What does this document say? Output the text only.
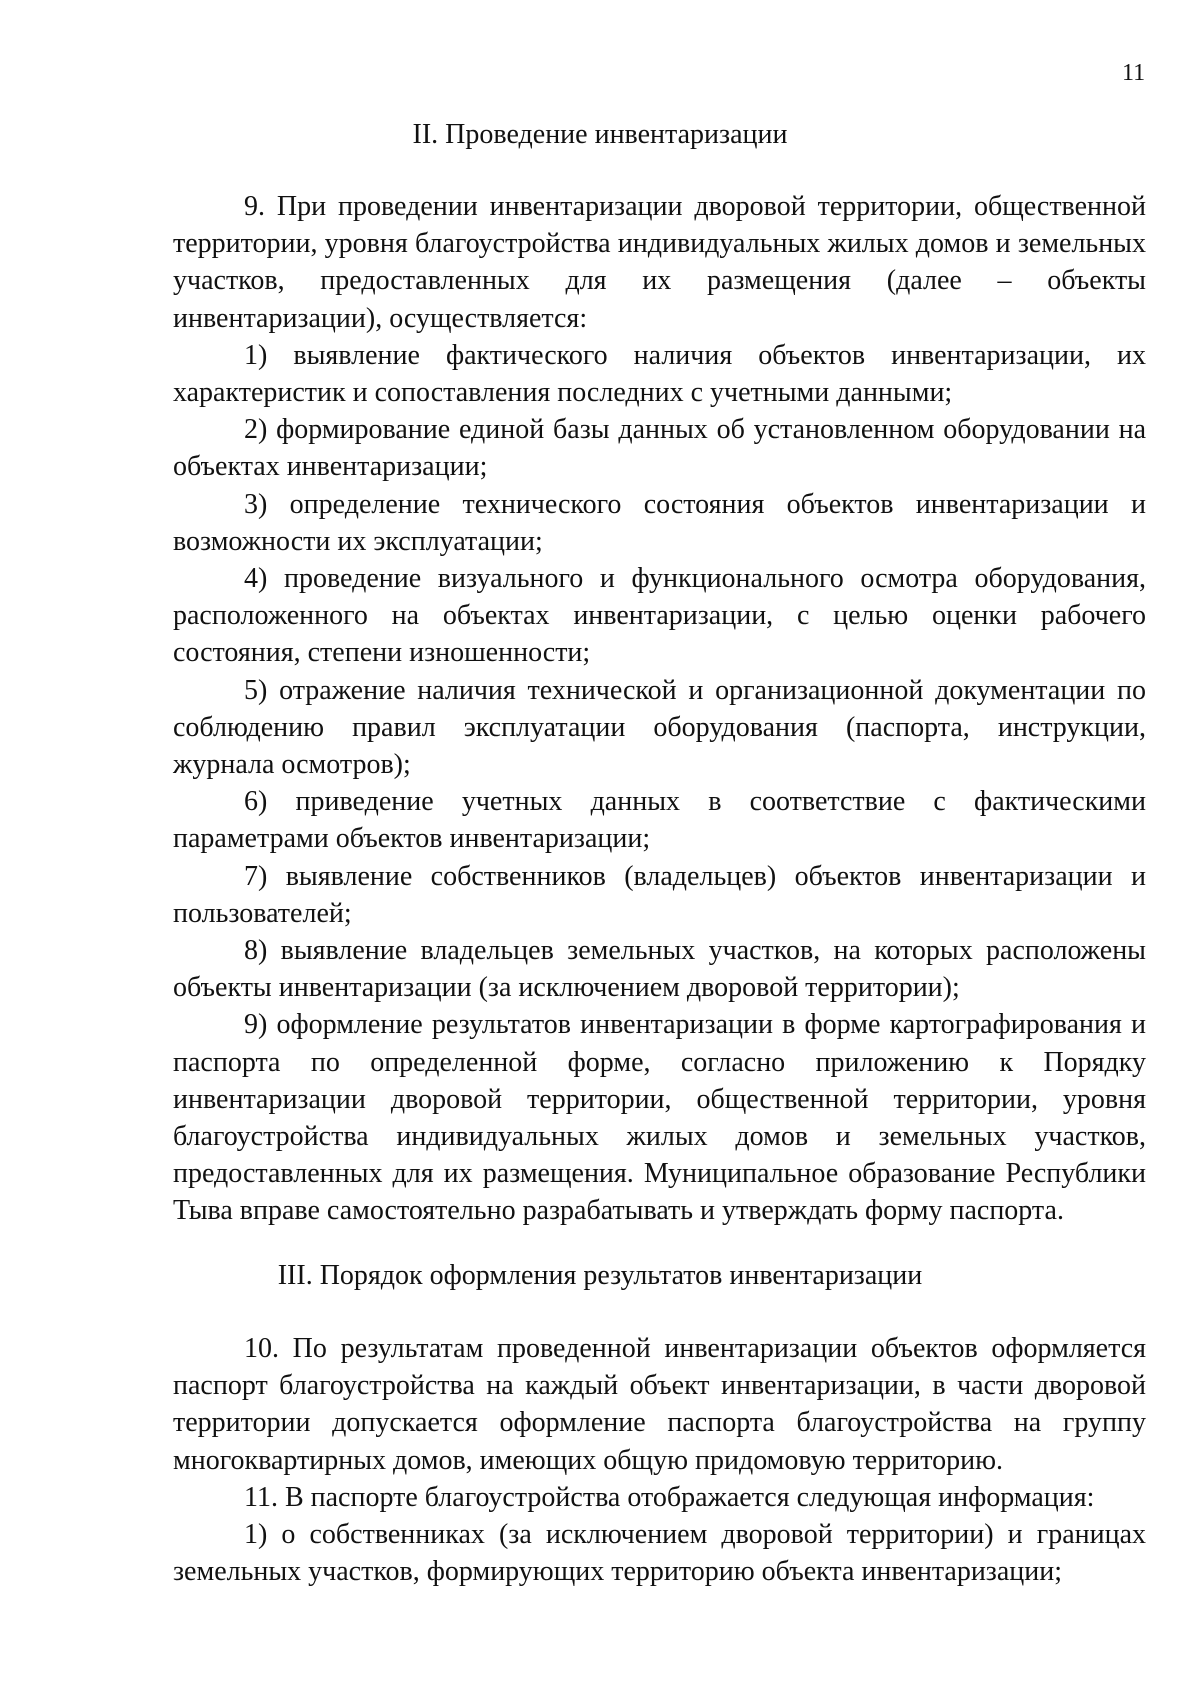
11
II. Проведение инвентаризации

9. При проведении инвентаризации дворовой территории, общественной территории, уровня благоустройства индивидуальных жилых домов и земельных участков, предоставленных для их размещения (далее – объекты инвентаризации), осуществляется:

1) выявление фактического наличия объектов инвентаризации, их характеристик и сопоставления последних с учетными данными;

2) формирование единой базы данных об установленном оборудовании на объектах инвентаризации;

3) определение технического состояния объектов инвентаризации и возможности их эксплуатации;

4) проведение визуального и функционального осмотра оборудования, расположенного на объектах инвентаризации, с целью оценки рабочего состояния, степени изношенности;

5) отражение наличия технической и организационной документации по соблюдению правил эксплуатации оборудования (паспорта, инструкции, журнала осмотров);

6) приведение учетных данных в соответствие с фактическими параметрами объектов инвентаризации;

7) выявление собственников (владельцев) объектов инвентаризации и пользователей;

8) выявление владельцев земельных участков, на которых расположены объекты инвентаризации (за исключением дворовой территории);

9) оформление результатов инвентаризации в форме картографирования и паспорта по определенной форме, согласно приложению к Порядку инвентаризации дворовой территории, общественной территории, уровня благоустройства индивидуальных жилых домов и земельных участков, предоставленных для их размещения. Муниципальное образование Республики Тыва вправе самостоятельно разрабатывать и утверждать форму паспорта.

III. Порядок оформления результатов инвентаризации

10. По результатам проведенной инвентаризации объектов оформляется паспорт благоустройства на каждый объект инвентаризации, в части дворовой территории допускается оформление паспорта благоустройства на группу многоквартирных домов, имеющих общую придомовую территорию.

11. В паспорте благоустройства отображается следующая информация:

1) о собственниках (за исключением дворовой территории) и границах земельных участков, формирующих территорию объекта инвентаризации;
